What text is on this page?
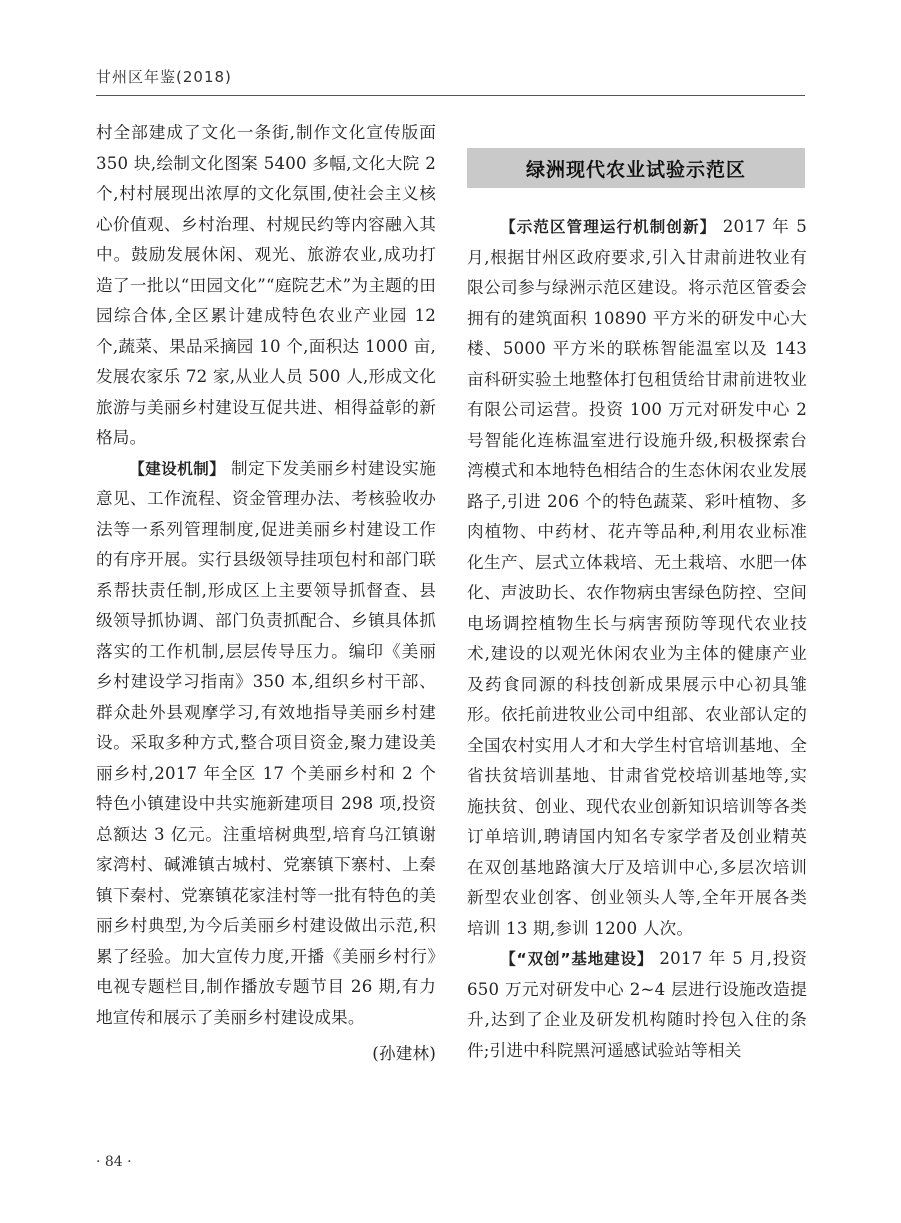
甘州区年鉴(2018)

村全部建成了文化一条街,制作文化宣传版面 350 块,绘制文化图案 5400 多幅,文化大院 2 个,村村展现出浓厚的文化氛围,使社会主义核心价值观、乡村治理、村规民约等内容融入其中。鼓励发展休闲、观光、旅游农业,成功打造了一批以“田园文化”“庭院艺术”为主题的田园综合体,全区累计建成特色农业产业园 12 个,蔬菜、果品采摘园 10 个,面积达 1000 亩,发展农家乐 72 家,从业人员 500 人,形成文化旅游与美丽乡村建设互促共进、相得益彰的新格局。

【建设机制】 制定下发美丽乡村建设实施意见、工作流程、资金管理办法、考核验收办法等一系列管理制度,促进美丽乡村建设工作的有序开展。实行县级领导挂项包村和部门联系帮扶责任制,形成区上主要领导抓督查、县级领导抓协调、部门负责抓配合、乡镇具体抓落实的工作机制,层层传导压力。编印《美丽乡村建设学习指南》350 本,组织乡村干部、群众赴外县观摩学习,有效地指导美丽乡村建设。采取多种方式,整合项目资金,聚力建设美丽乡村,2017 年全区 17 个美丽乡村和 2 个特色小镇建设中共实施新建项目 298 项,投资总额达 3 亿元。注重培树典型,培育乌江镇谢家湾村、碱滩镇古城村、党寨镇下寨村、上秦镇下秦村、党寨镇花家洼村等一批有特色的美丽乡村典型,为今后美丽乡村建设做出示范,积累了经验。加大宣传力度,开播《美丽乡村行》电视专题栏目,制作播放专题节目 26 期,有力地宣传和展示了美丽乡村建设成果。

(孙建林)

绿洲现代农业试验示范区

【示范区管理运行机制创新】 2017 年 5 月,根据甘州区政府要求,引入甘肃前进牧业有限公司参与绿洲示范区建设。将示范区管委会拥有的建筑面积 10890 平方米的研发中心大楼、5000 平方米的联栋智能温室以及 143 亩科研实验土地整体打包租赁给甘肃前进牧业有限公司运营。投资 100 万元对研发中心 2 号智能化连栋温室进行设施升级,积极探索台湾模式和本地特色相结合的生态休闲农业发展路子,引进 206 个的特色蔬菜、彩叶植物、多肉植物、中药材、花卉等品种,利用农业标准化生产、层式立体栽培、无土栽培、水肥一体化、声波助长、农作物病虫害绿色防控、空间电场调控植物生长与病害预防等现代农业技术,建设的以观光休闲农业为主体的健康产业及药食同源的科技创新成果展示中心初具雏形。依托前进牧业公司中组部、农业部认定的全国农村实用人才和大学生村官培训基地、全省扶贫培训基地、甘肃省党校培训基地等,实施扶贫、创业、现代农业创新知识培训等各类订单培训,聘请国内知名专家学者及创业精英在双创基地路演大厅及培训中心,多层次培训新型农业创客、创业领头人等,全年开展各类培训 13 期,参训 1200 人次。

【“双创”基地建设】 2017 年 5 月,投资 650 万元对研发中心 2~4 层进行设施改造提升,达到了企业及研发机构随时拎包入住的条件;引进中科院黑河遥感试验站等相关

· 84 ·
